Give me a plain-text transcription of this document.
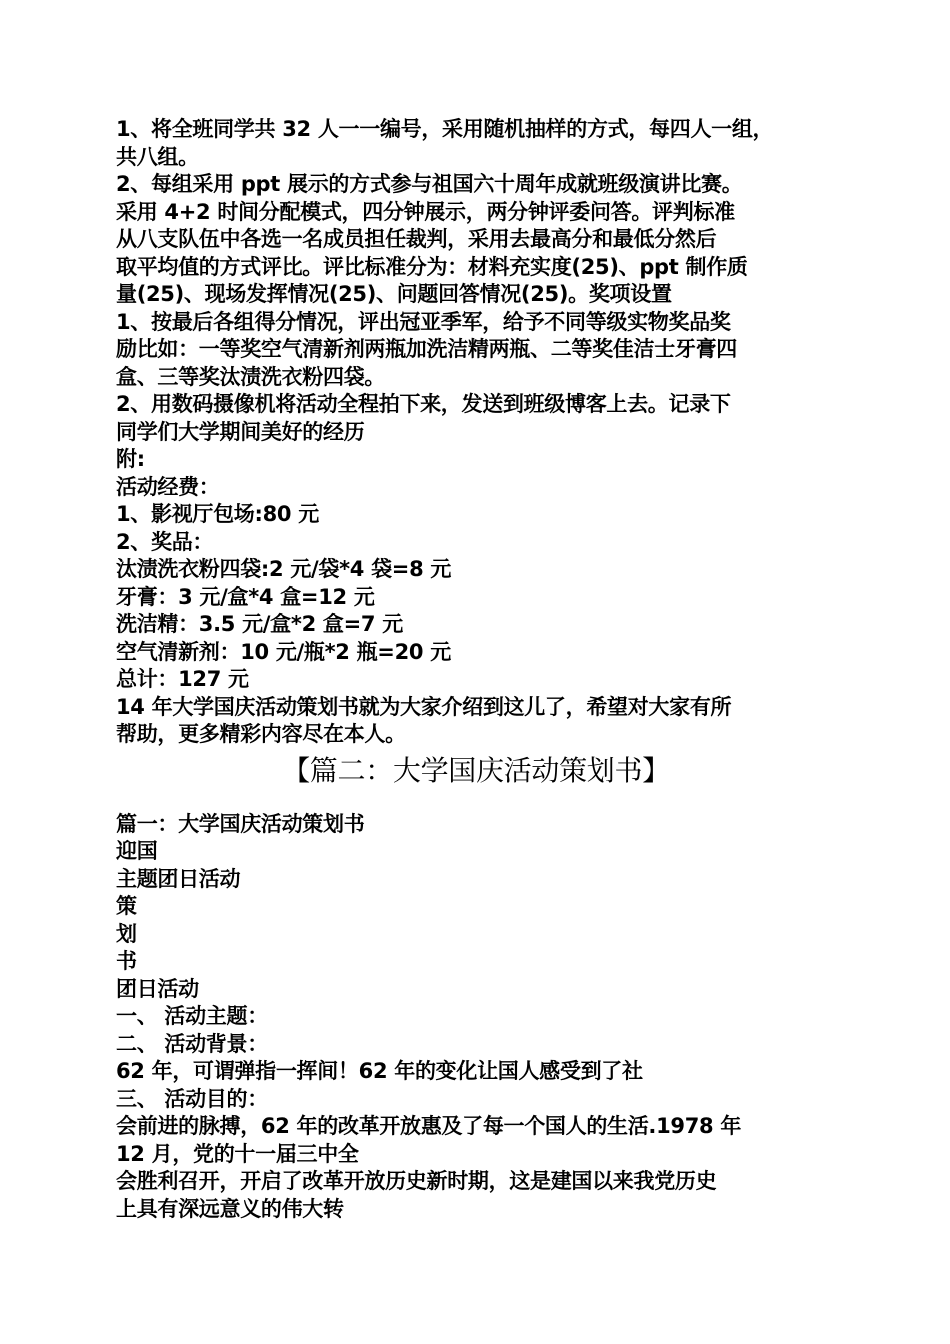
1、将全班同学共 32 人一一编号，采用随机抽样的方式，每四人一组，
共八组。
2、每组采用 ppt 展示的方式参与祖国六十周年成就班级演讲比赛。
采用 4+2 时间分配模式，四分钟展示，两分钟评委问答。评判标准
从八支队伍中各选一名成员担任裁判，采用去最高分和最低分然后
取平均值的方式评比。评比标准分为：材料充实度(25)、ppt 制作质
量(25)、现场发挥情况(25)、问题回答情况(25)。奖项设置
1、按最后各组得分情况，评出冠亚季军，给予不同等级实物奖品奖
励比如：一等奖空气清新剂两瓶加洗洁精两瓶、二等奖佳洁士牙膏四
盒、三等奖汰渍洗衣粉四袋。
2、用数码摄像机将活动全程拍下来，发送到班级博客上去。记录下
同学们大学期间美好的经历
附:
活动经费：
1、影视厅包场:80 元
2、奖品：
汰渍洗衣粉四袋:2 元/袋*4 袋=8 元
牙膏：3 元/盒*4 盒=12 元
洗洁精：3.5 元/盒*2 盒=7 元
空气清新剂：10 元/瓶*2 瓶=20 元
总计：127 元
14 年大学国庆活动策划书就为大家介绍到这儿了，希望对大家有所
帮助，更多精彩内容尽在本人。
【篇二：大学国庆活动策划书】
篇一：大学国庆活动策划书
迎国
主题团日活动
策
划
书
团日活动
一、 活动主题：
二、 活动背景：
62 年，可谓弹指一挥间！62 年的变化让国人感受到了社
三、 活动目的：
会前进的脉搏，62 年的改革开放惠及了每一个国人的生活.1978 年
12 月，党的十一届三中全
会胜利召开，开启了改革开放历史新时期，这是建国以来我党历史
上具有深远意义的伟大转
